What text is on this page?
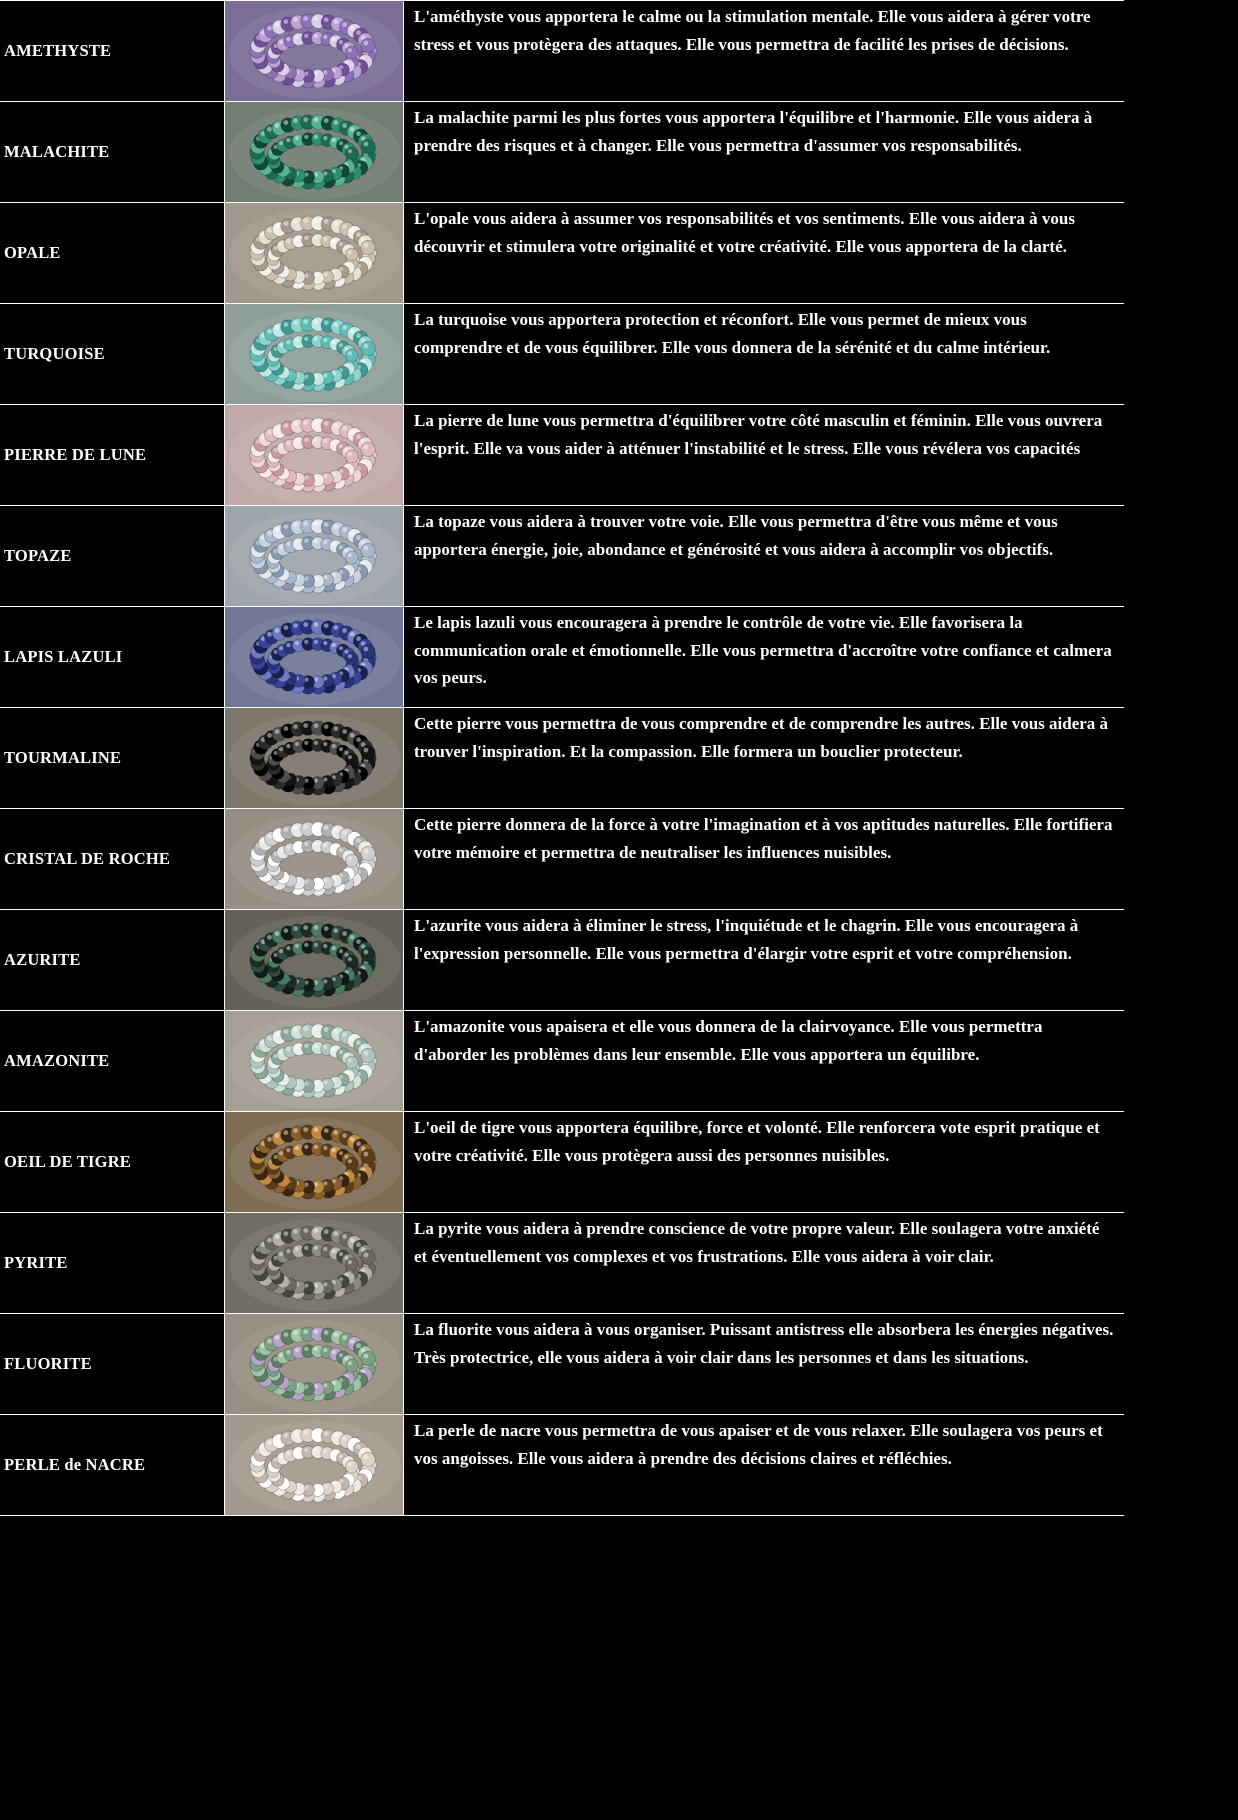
AMETHYSTE		L'améthyste vous apportera le calme ou la stimulation mentale. Elle vous aidera à gérer votre stress et vous protègera des attaques. Elle vous permettra de facilité les prises de décisions.

MALACHITE		La malachite parmi les plus fortes vous apportera l'équilibre et l'harmonie. Elle vous aidera à prendre des risques et à changer. Elle vous permettra d'assumer vos responsabilités.

OPALE		L'opale vous aidera à assumer vos responsabilités et vos sentiments. Elle vous aidera à vous découvrir et stimulera votre originalité et votre créativité. Elle vous apportera de la clarté.

TURQUOISE		La turquoise vous apportera protection et réconfort. Elle vous permet de mieux vous comprendre et de vous équilibrer. Elle vous donnera de la sérénité et du calme intérieur.

PIERRE DE LUNE		La pierre de lune vous permettra d'équilibrer votre côté masculin et féminin. Elle vous ouvrera l'esprit. Elle va vous aider à atténuer l'instabilité et le stress. Elle vous révélera vos capacités

TOPAZE		La topaze vous aidera à trouver votre voie. Elle vous permettra d'être vous même et vous apportera énergie, joie, abondance et générosité et vous aidera à accomplir vos objectifs.

LAPIS LAZULI		Le lapis lazuli vous encouragera à prendre le contrôle de votre vie. Elle favorisera la communication orale et émotionnelle. Elle vous permettra d'accroître votre confiance et calmera vos peurs.

TOURMALINE		Cette pierre vous permettra de vous comprendre et de comprendre les autres. Elle vous aidera à trouver l'inspiration. Et la compassion. Elle formera un bouclier protecteur.

CRISTAL DE ROCHE		Cette pierre donnera de la force à votre l'imagination et à vos aptitudes naturelles. Elle fortifiera votre mémoire et permettra de neutraliser les influences nuisibles.

AZURITE		L'azurite vous aidera à éliminer le stress, l'inquiétude et le chagrin. Elle vous encouragera à l'expression personnelle. Elle vous permettra d'élargir votre esprit et votre compréhension.

AMAZONITE		L'amazonite vous apaisera et elle vous donnera de la clairvoyance. Elle vous permettra d'aborder les problèmes dans leur ensemble. Elle vous apportera un équilibre.

OEIL DE TIGRE		L'oeil de tigre vous apportera équilibre, force et volonté. Elle renforcera vote esprit pratique et votre créativité. Elle vous protègera aussi des personnes nuisibles.

PYRITE		La pyrite vous aidera à prendre conscience de votre propre valeur. Elle soulagera votre anxiété et éventuellement vos complexes et vos frustrations. Elle vous aidera à voir clair.

FLUORITE		La fluorite vous aidera à vous organiser. Puissant antistress elle absorbera les énergies négatives. Très protectrice, elle vous aidera à voir clair dans les personnes et dans les situations.

PERLE de NACRE		La perle de nacre vous permettra de vous apaiser et de vous relaxer. Elle soulagera vos peurs et vos angoisses. Elle vous aidera à prendre des décisions claires et réfléchies.
